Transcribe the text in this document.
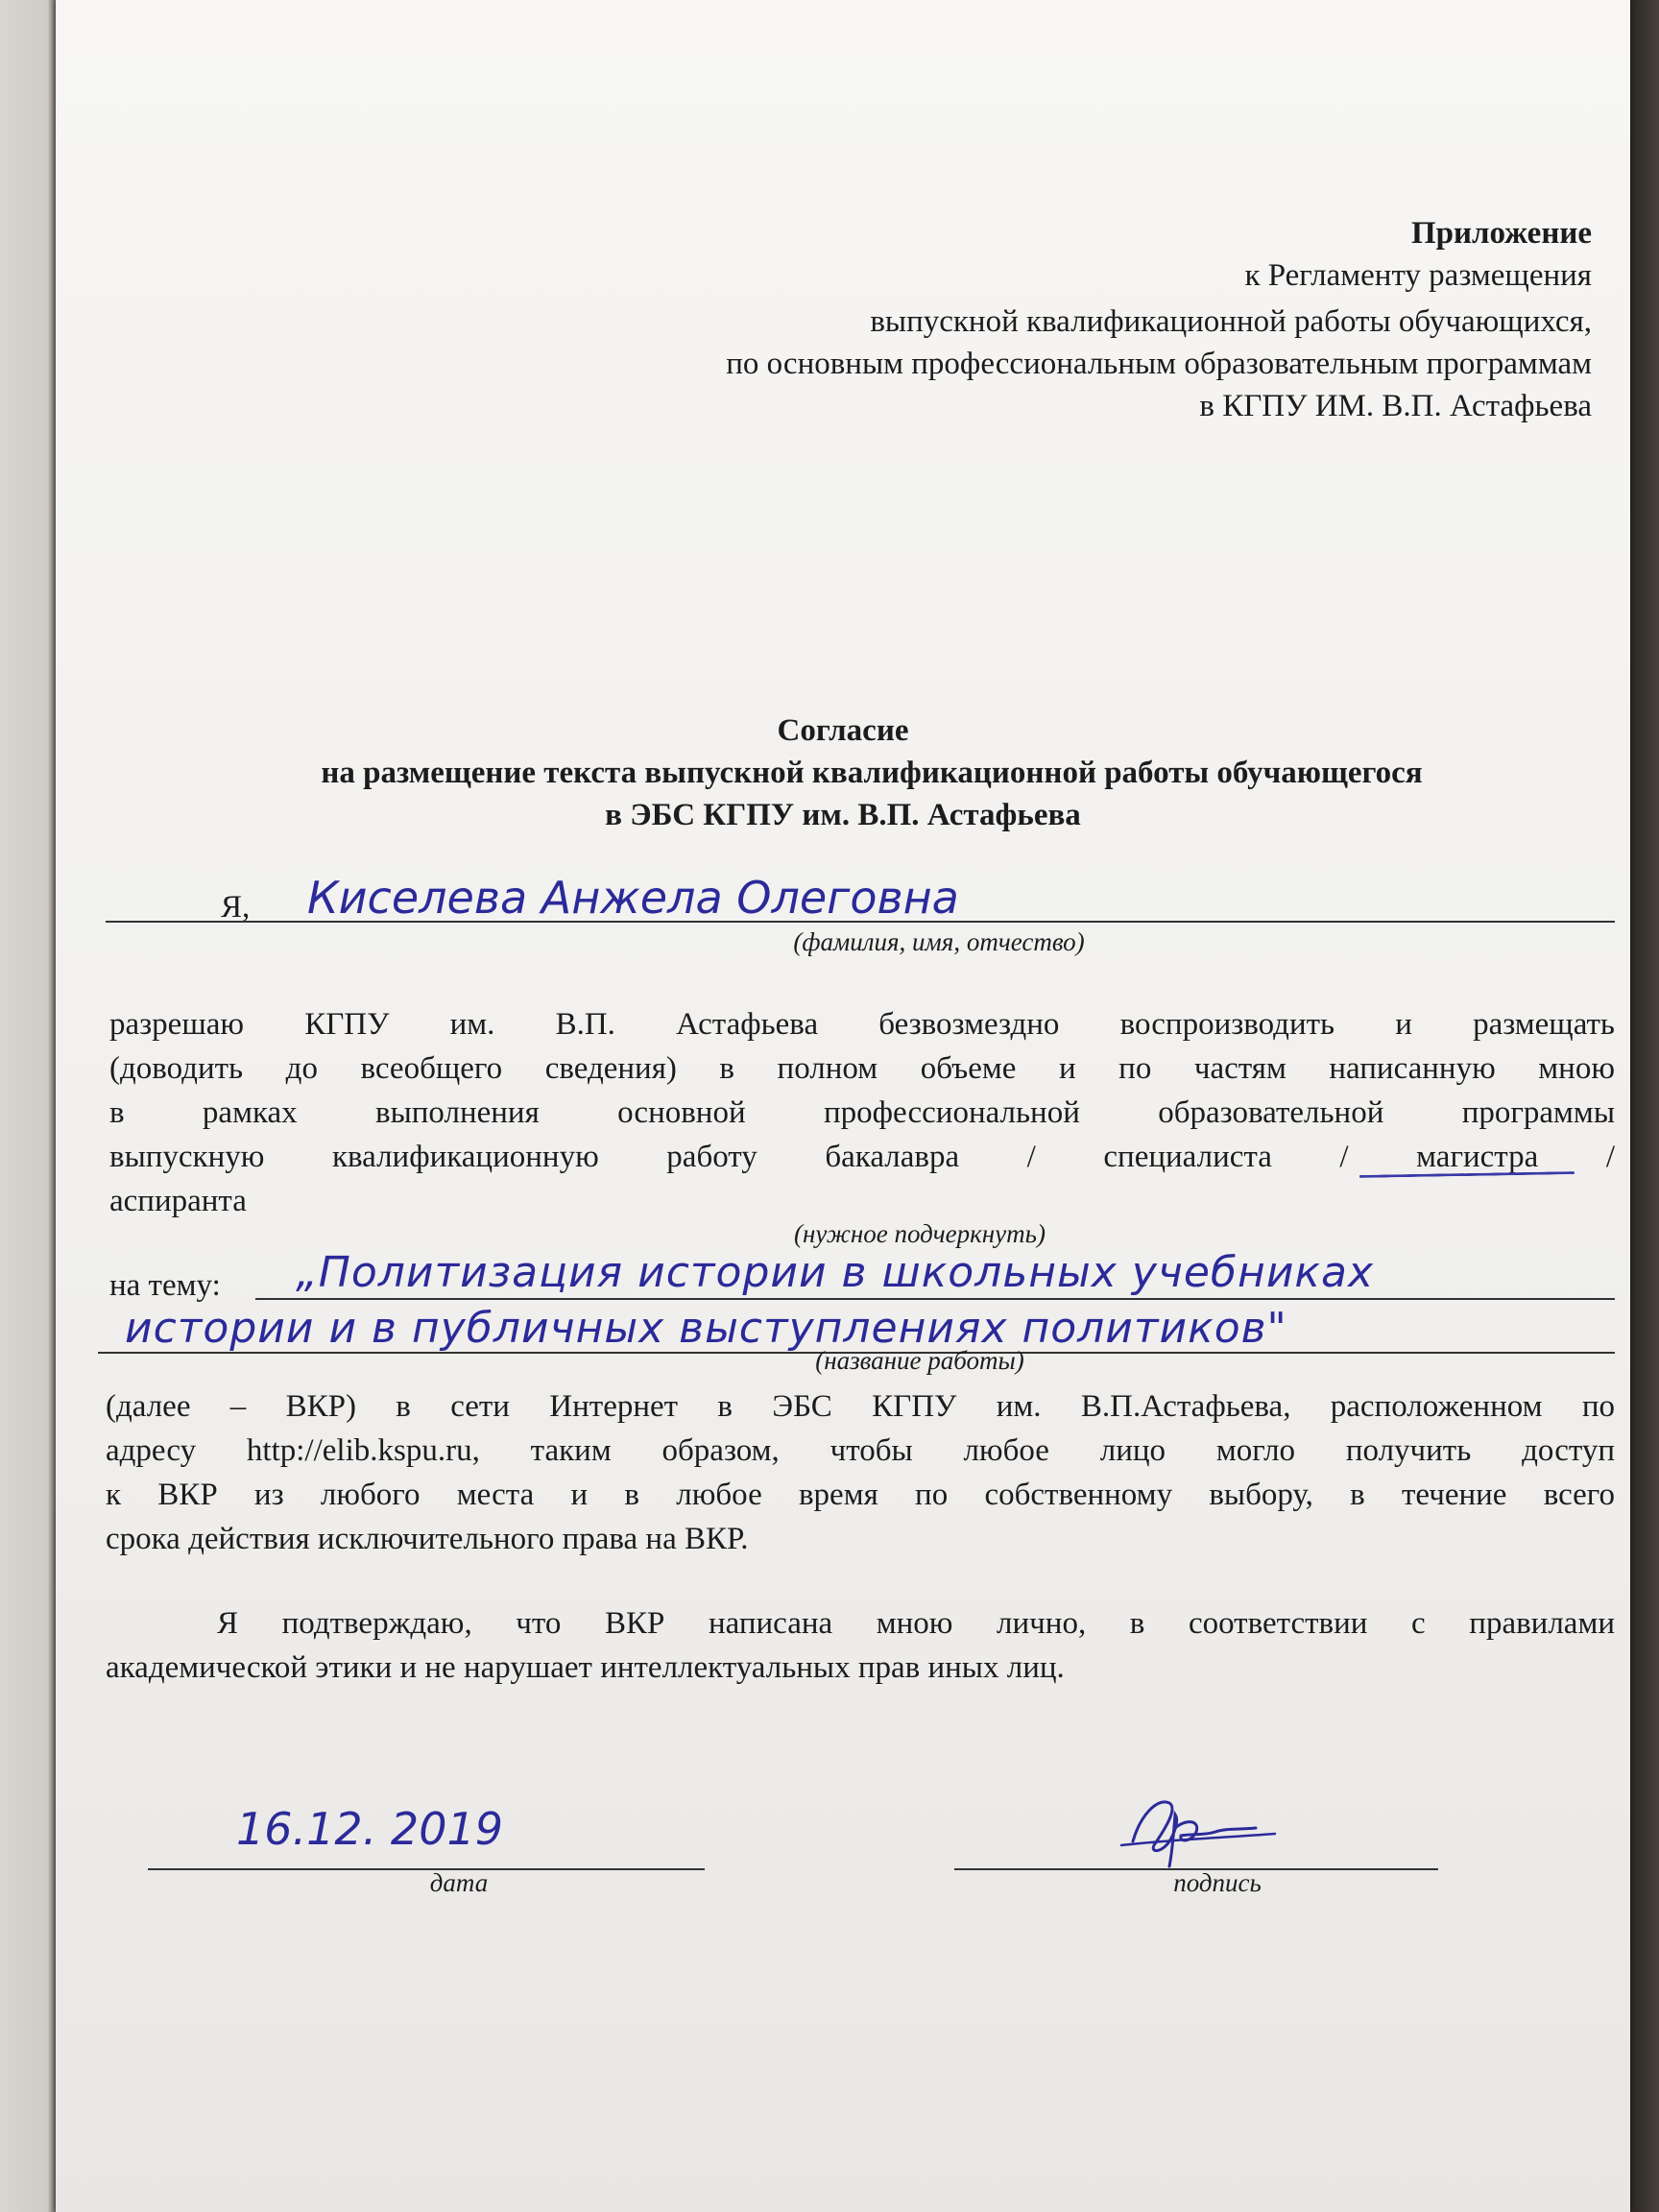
Приложение
к Регламенту размещения
выпускной квалификационной работы обучающихся,
по основным профессиональным образовательным программам
в КГПУ ИМ. В.П. Астафьева
Согласие
на размещение текста выпускной квалификационной работы обучающегося
в ЭБС КГПУ им. В.П. Астафьева
Я, Киселева Анжела Олеговна
(фамилия, имя, отчество)
разрешаю КГПУ им. В.П. Астафьева безвозмездно воспроизводить и размещать
(доводить до всеобщего сведения) в полном объеме и по частям написанную мною
в рамках выполнения основной профессиональной образовательной программы
выпускную квалификационную работу бакалавра / специалиста / магистра /
аспиранта
(нужное подчеркнуть)
на тему: „Политизация истории в школьных учебниках
истории и в публичных выступлениях политиков"
(название работы)
(далее – ВКР) в сети Интернет в ЭБС КГПУ им. В.П.Астафьева, расположенном по
адресу http://elib.kspu.ru, таким образом, чтобы любое лицо могло получить доступ
к ВКР из любого места и в любое время по собственному выбору, в течение всего
срока действия исключительного права на ВКР.
Я подтверждаю, что ВКР написана мною лично, в соответствии с правилами
академической этики и не нарушает интеллектуальных прав иных лиц.
16.12. 2019
дата	подпись
